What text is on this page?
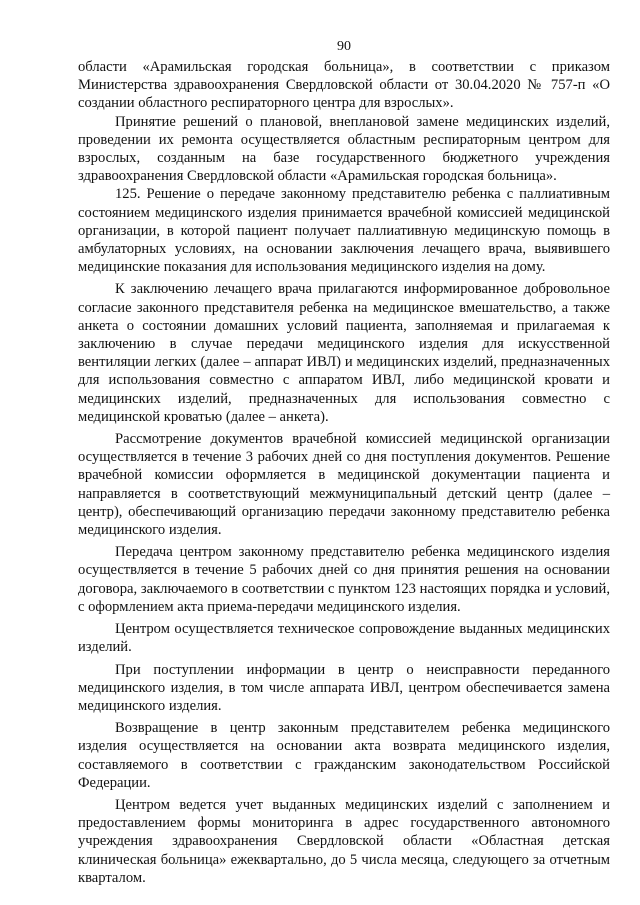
90

области «Арамильская городская больница», в соответствии с приказом Министерства здравоохранения Свердловской области от 30.04.2020 № 757-п «О создании областного респираторного центра для взрослых».

Принятие решений о плановой, внеплановой замене медицинских изделий, проведении их ремонта осуществляется областным респираторным центром для взрослых, созданным на базе государственного бюджетного учреждения здравоохранения Свердловской области «Арамильская городская больница».

125. Решение о передаче законному представителю ребенка с паллиативным состоянием медицинского изделия принимается врачебной комиссией медицинской организации, в которой пациент получает паллиативную медицинскую помощь в амбулаторных условиях, на основании заключения лечащего врача, выявившего медицинские показания для использования медицинского изделия на дому.

К заключению лечащего врача прилагаются информированное добровольное согласие законного представителя ребенка на медицинское вмешательство, а также анкета о состоянии домашних условий пациента, заполняемая и прилагаемая к заключению в случае передачи медицинского изделия для искусственной вентиляции легких (далее – аппарат ИВЛ) и медицинских изделий, предназначенных для использования совместно с аппаратом ИВЛ, либо медицинской кровати и медицинских изделий, предназначенных для использования совместно с медицинской кроватью (далее – анкета).

Рассмотрение документов врачебной комиссией медицинской организации осуществляется в течение 3 рабочих дней со дня поступления документов. Решение врачебной комиссии оформляется в медицинской документации пациента и направляется в соответствующий межмуниципальный детский центр (далее – центр), обеспечивающий организацию передачи законному представителю ребенка медицинского изделия.

Передача центром законному представителю ребенка медицинского изделия осуществляется в течение 5 рабочих дней со дня принятия решения на основании договора, заключаемого в соответствии с пунктом 123 настоящих порядка и условий, с оформлением акта приема-передачи медицинского изделия.

Центром осуществляется техническое сопровождение выданных медицинских изделий.

При поступлении информации в центр о неисправности переданного медицинского изделия, в том числе аппарата ИВЛ, центром обеспечивается замена медицинского изделия.

Возвращение в центр законным представителем ребенка медицинского изделия осуществляется на основании акта возврата медицинского изделия, составляемого в соответствии с гражданским законодательством Российской Федерации.

Центром ведется учет выданных медицинских изделий с заполнением и предоставлением формы мониторинга в адрес государственного автономного учреждения здравоохранения Свердловской области «Областная детская клиническая больница» ежеквартально, до 5 числа месяца, следующего за отчетным кварталом.
